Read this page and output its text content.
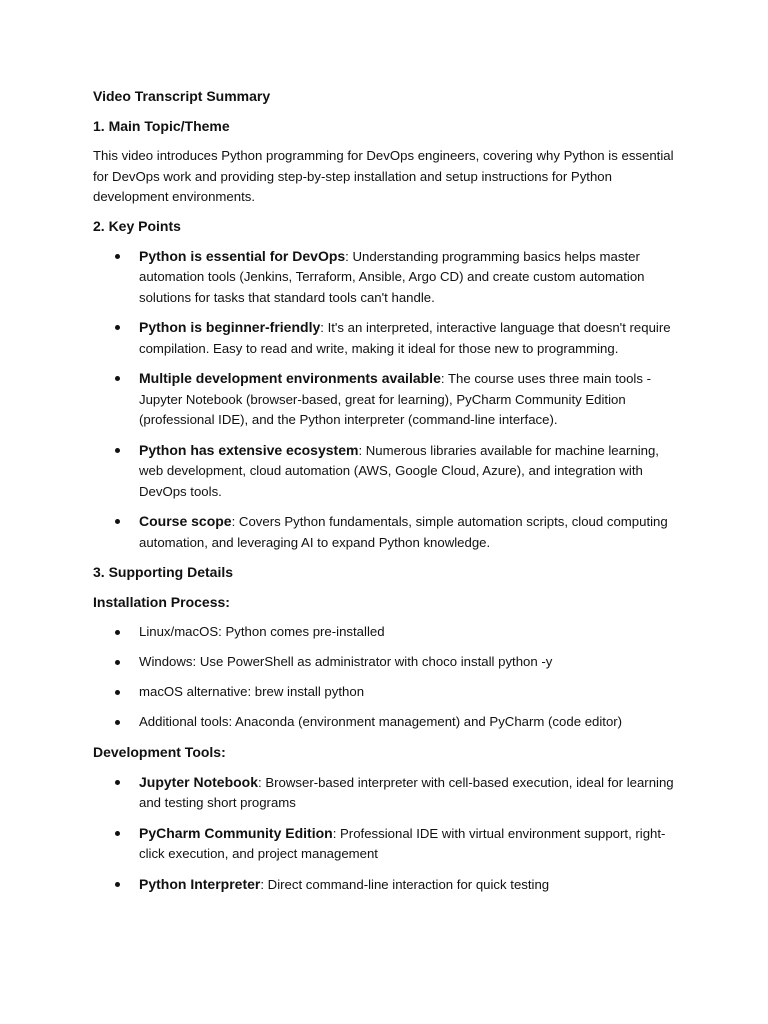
Video Transcript Summary

1. Main Topic/Theme

This video introduces Python programming for DevOps engineers, covering why Python is essential for DevOps work and providing step-by-step installation and setup instructions for Python development environments.

2. Key Points

Python is essential for DevOps: Understanding programming basics helps master automation tools (Jenkins, Terraform, Ansible, Argo CD) and create custom automation solutions for tasks that standard tools can't handle.
Python is beginner-friendly: It's an interpreted, interactive language that doesn't require compilation. Easy to read and write, making it ideal for those new to programming.
Multiple development environments available: The course uses three main tools - Jupyter Notebook (browser-based, great for learning), PyCharm Community Edition (professional IDE), and the Python interpreter (command-line interface).
Python has extensive ecosystem: Numerous libraries available for machine learning, web development, cloud automation (AWS, Google Cloud, Azure), and integration with DevOps tools.
Course scope: Covers Python fundamentals, simple automation scripts, cloud computing automation, and leveraging AI to expand Python knowledge.

3. Supporting Details

Installation Process:

Linux/macOS: Python comes pre-installed
Windows: Use PowerShell as administrator with choco install python -y
macOS alternative: brew install python
Additional tools: Anaconda (environment management) and PyCharm (code editor)

Development Tools:

Jupyter Notebook: Browser-based interpreter with cell-based execution, ideal for learning and testing short programs
PyCharm Community Edition: Professional IDE with virtual environment support, right-click execution, and project management
Python Interpreter: Direct command-line interaction for quick testing
